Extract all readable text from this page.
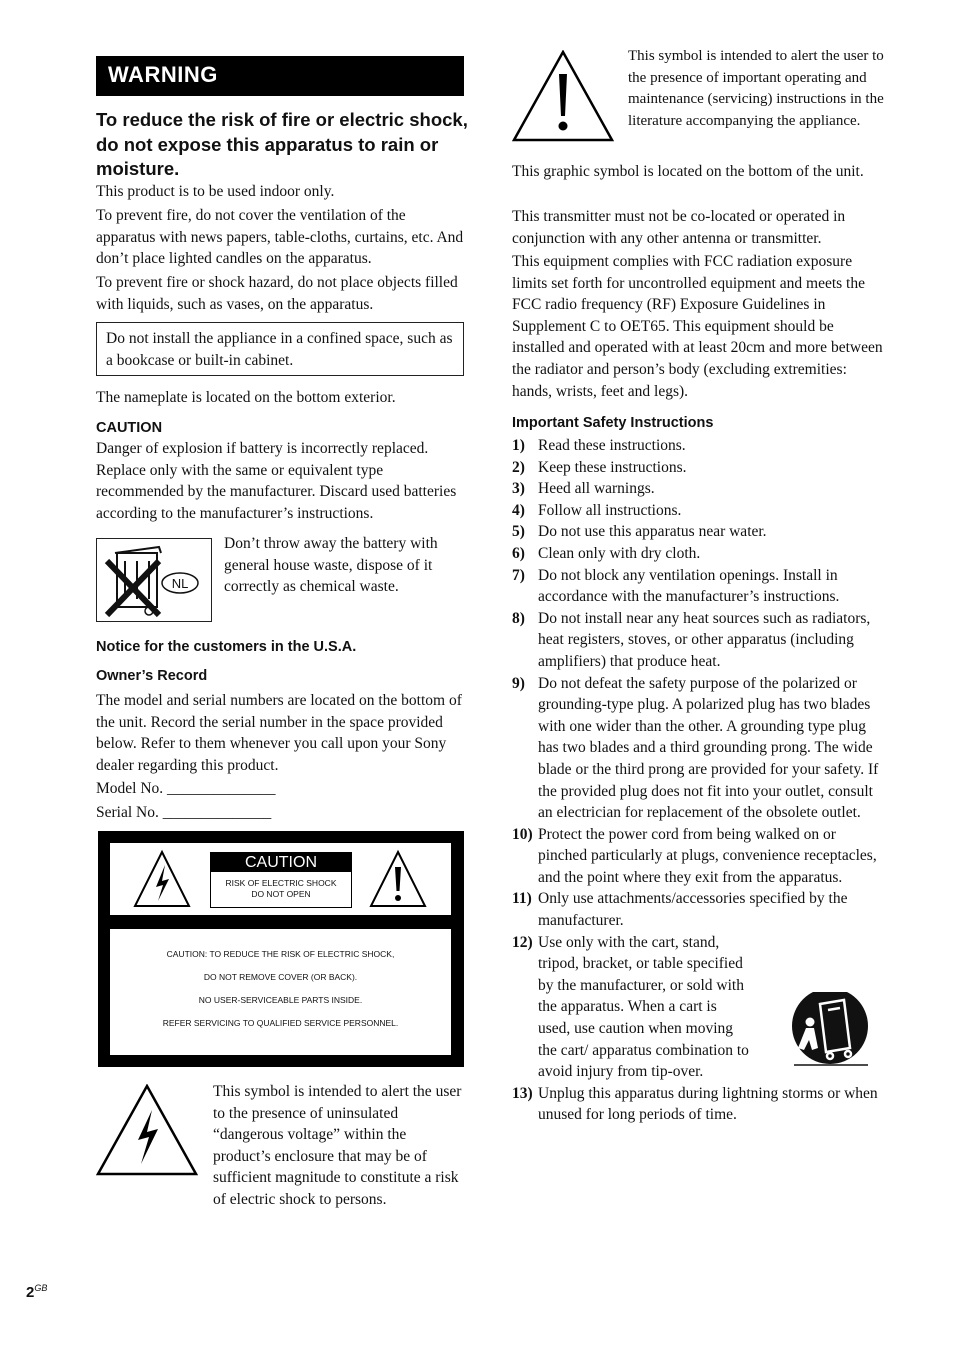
WARNING
To reduce the risk of fire or electric shock, do not expose this apparatus to rain or moisture.

This product is to be used indoor only.

To prevent fire, do not cover the ventilation of the apparatus with news papers, table-cloths, curtains, etc. And don’t place lighted candles on the apparatus.

To prevent fire or shock hazard, do not place objects filled with liquids, such as vases, on the apparatus.

Do not install the appliance in a confined space, such as a bookcase or built-in cabinet.

The nameplate is located on the bottom exterior.

CAUTION

Danger of explosion if battery is incorrectly replaced. Replace only with the same or equivalent type recommended by the manufacturer. Discard used batteries according to the manufacturer’s instructions.

NL

Don’t throw away the battery with general house waste, dispose of it correctly as chemical waste.

Notice for the customers in the U.S.A.
Owner’s Record

The model and serial numbers are located on the bottom of the unit. Record the serial number in the space provided below. Refer to them whenever you call upon your Sony dealer regarding this product.

Model No. ______________

Serial No. ______________

CAUTION
RISK OF ELECTRIC SHOCK
DO NOT OPEN
CAUTION: TO REDUCE THE RISK OF ELECTRIC SHOCK,
DO NOT REMOVE COVER (OR BACK).
NO USER-SERVICEABLE PARTS INSIDE.
REFER SERVICING TO QUALIFIED SERVICE PERSONNEL.

This symbol is intended to alert the user to the presence of uninsulated “dangerous voltage” within the product’s enclosure that may be of sufficient magnitude to constitute a risk of electric shock to persons.

This symbol is intended to alert the user to the presence of important operating and maintenance (servicing) instructions in the literature accompanying the appliance.

This graphic symbol is located on the bottom of the unit.

This transmitter must not be co-located or operated in conjunction with any other antenna or transmitter.

This equipment complies with FCC radiation exposure limits set forth for uncontrolled equipment and meets the FCC radio frequency (RF) Exposure Guidelines in Supplement C to OET65. This equipment should be installed and operated with at least 20cm and more between the radiator and person’s body (excluding extremities: hands, wrists, feet and legs).

Important Safety Instructions
1) Read these instructions.
2) Keep these instructions.
3) Heed all warnings.
4) Follow all instructions.
5) Do not use this apparatus near water.
6) Clean only with dry cloth.
7) Do not block any ventilation openings. Install in accordance with the manufacturer’s instructions.
8) Do not install near any heat sources such as radiators, heat registers, stoves, or other apparatus (including amplifiers) that produce heat.
9) Do not defeat the safety purpose of the polarized or grounding-type plug. A polarized plug has two blades with one wider than the other. A grounding type plug has two blades and a third grounding prong. The wide blade or the third prong are provided for your safety. If the provided plug does not fit into your outlet, consult an electrician for replacement of the obsolete outlet.
10) Protect the power cord from being walked on or pinched particularly at plugs, convenience receptacles, and the point where they exit from the apparatus.
11) Only use attachments/accessories specified by the manufacturer.
12) Use only with the cart, stand, tripod, bracket, or table specified by the manufacturer, or sold with the apparatus. When a cart is used, use caution when moving the cart/ apparatus combination to avoid injury from tip-over.
13) Unplug this apparatus during lightning storms or when unused for long periods of time.
$2^{GB}$
